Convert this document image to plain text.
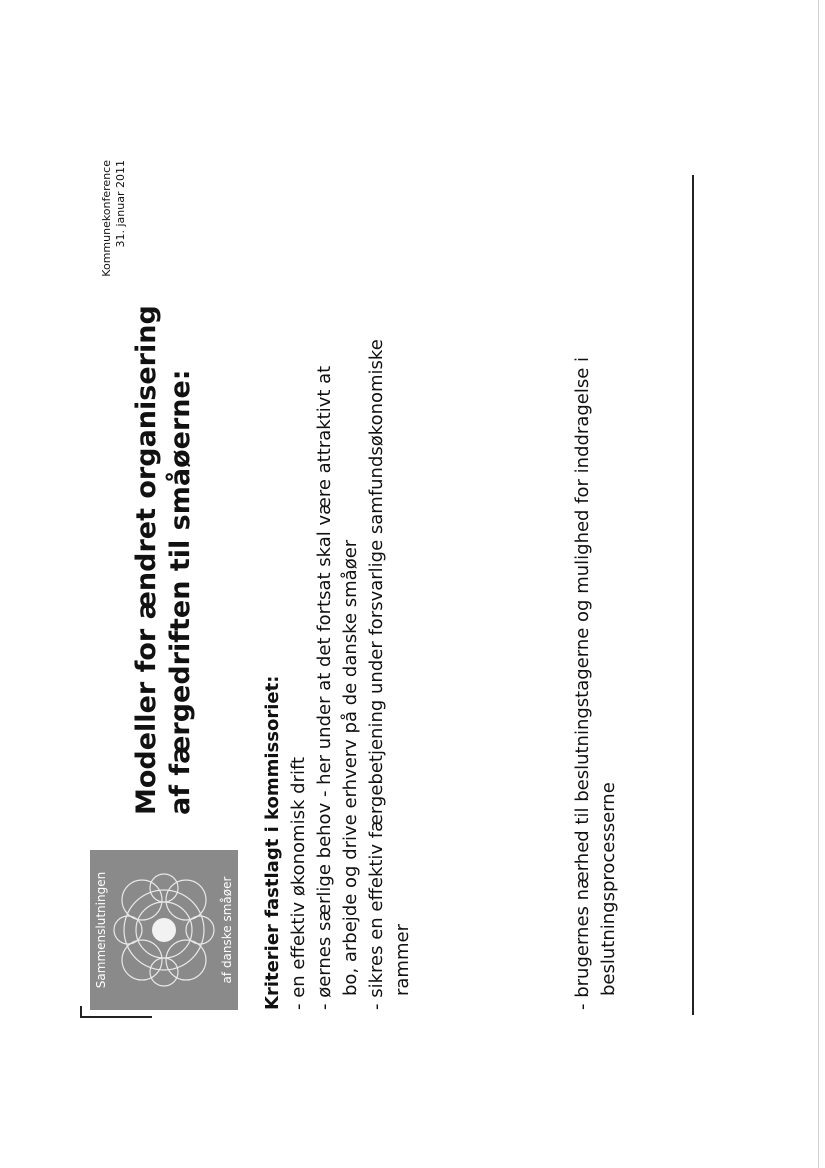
Sammenslutningen	af danske småøer
Modeller for ændret organisering af færgedriften til småøerne:
Kommunekonference 31. januar 2011
Kriterier fastlagt i kommissoriet: - en effektiv økonomisk drift - øernes særlige behov - her under at det fortsat skal være attraktivt at bo, arbejde og drive erhverv på de danske småøer - sikres en effektiv færgebetjening under forsvarlige samfundsøkonomiske rammer	- brugernes nærhed til beslutningstagerne og mulighed for inddragelse i beslutningsprocesserne
